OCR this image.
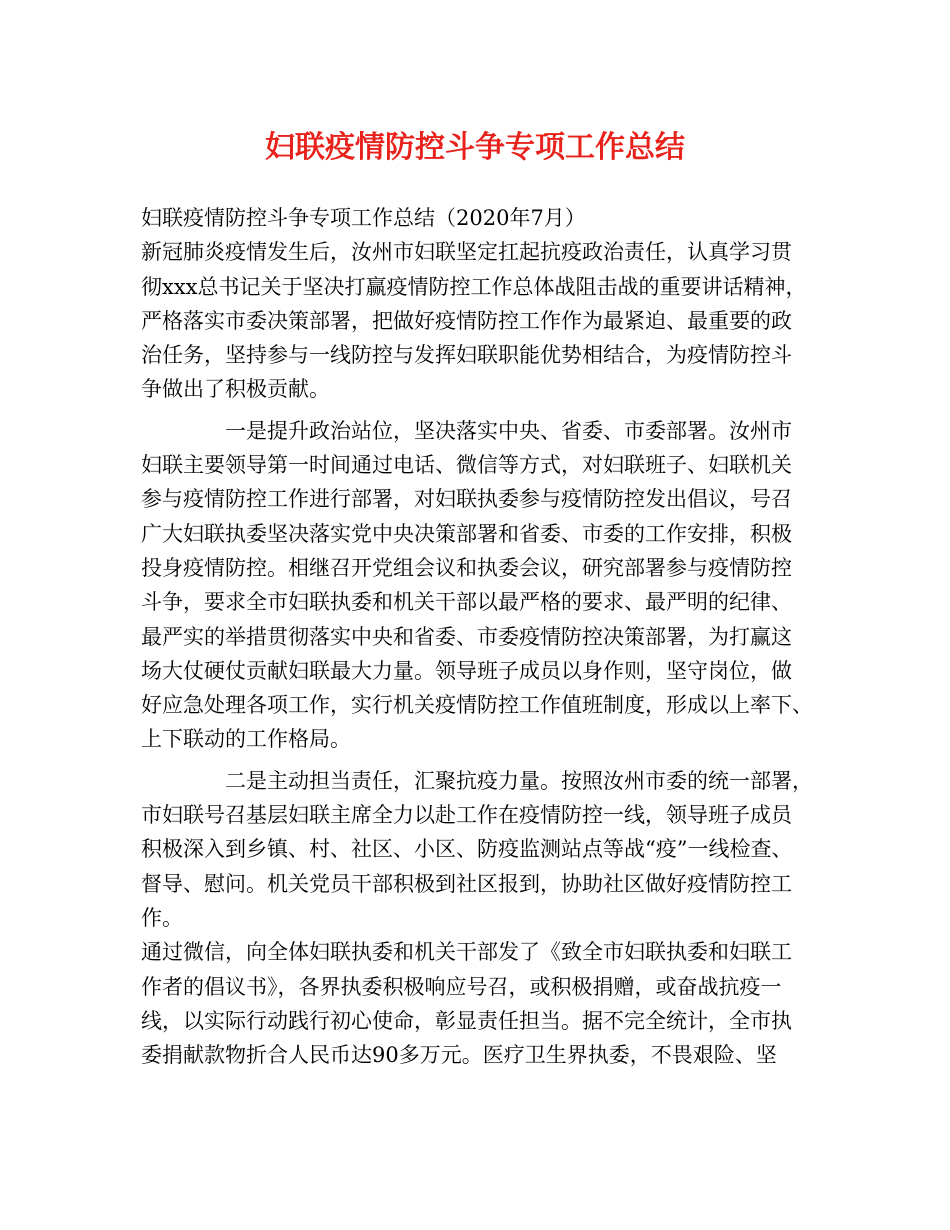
妇联疫情防控斗争专项工作总结
妇联疫情防控斗争专项工作总结（2020年7月）
新冠肺炎疫情发生后，汝州市妇联坚定扛起抗疫政治责任，认真学习贯
彻xxx总书记关于坚决打赢疫情防控工作总体战阻击战的重要讲话精神，
严格落实市委决策部署，把做好疫情防控工作作为最紧迫、最重要的政
治任务，坚持参与一线防控与发挥妇联职能优势相结合，为疫情防控斗
争做出了积极贡献。
　　　　一是提升政治站位，坚决落实中央、省委、市委部署。汝州市
妇联主要领导第一时间通过电话、微信等方式，对妇联班子、妇联机关
参与疫情防控工作进行部署，对妇联执委参与疫情防控发出倡议，号召
广大妇联执委坚决落实党中央决策部署和省委、市委的工作安排，积极
投身疫情防控。相继召开党组会议和执委会议，研究部署参与疫情防控
斗争，要求全市妇联执委和机关干部以最严格的要求、最严明的纪律、
最严实的举措贯彻落实中央和省委、市委疫情防控决策部署，为打赢这
场大仗硬仗贡献妇联最大力量。领导班子成员以身作则，坚守岗位，做
好应急处理各项工作，实行机关疫情防控工作值班制度，形成以上率下、
上下联动的工作格局。
　　　　二是主动担当责任，汇聚抗疫力量。按照汝州市委的统一部署，
市妇联号召基层妇联主席全力以赴工作在疫情防控一线，领导班子成员
积极深入到乡镇、村、社区、小区、防疫监测站点等战“疫”一线检查、
督导、慰问。机关党员干部积极到社区报到，协助社区做好疫情防控工
作。
通过微信，向全体妇联执委和机关干部发了《致全市妇联执委和妇联工
作者的倡议书》，各界执委积极响应号召，或积极捐赠，或奋战抗疫一
线，以实际行动践行初心使命，彰显责任担当。据不完全统计，全市执
委捐献款物折合人民币达90多万元。医疗卫生界执委，不畏艰险、坚
